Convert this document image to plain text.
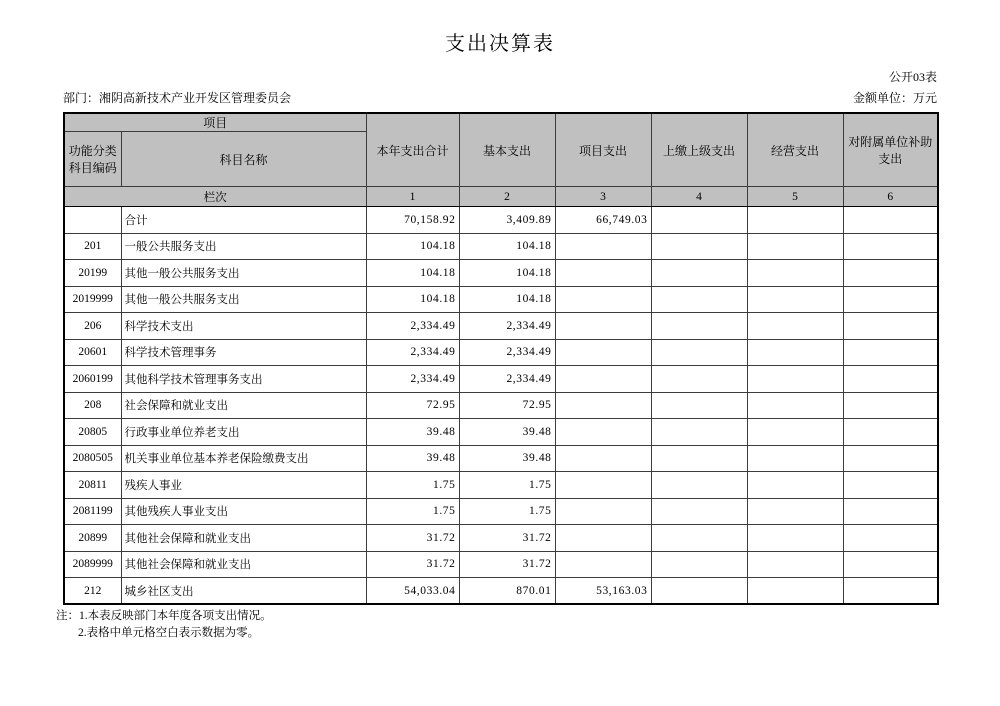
支出决算表
公开03表
部门：湘阴高新技术产业开发区管理委员会	金额单位：万元
项目		本年支出合计	基本支出	项目支出	上缴上级支出	经营支出	对附属单位补助支出
功能分类
科目编码	科目名称						
栏次		1	2	3	4	5	6
	合计	70,158.92	3,409.89	66,749.03			
201	一般公共服务支出	104.18	104.18				
20199	其他一般公共服务支出	104.18	104.18				
2019999	其他一般公共服务支出	104.18	104.18				
206	科学技术支出	2,334.49	2,334.49				
20601	科学技术管理事务	2,334.49	2,334.49				
2060199	其他科学技术管理事务支出	2,334.49	2,334.49				
208	社会保障和就业支出	72.95	72.95				
20805	行政事业单位养老支出	39.48	39.48				
2080505	机关事业单位基本养老保险缴费支出	39.48	39.48				
20811	残疾人事业	1.75	1.75				
2081199	其他残疾人事业支出	1.75	1.75				
20899	其他社会保障和就业支出	31.72	31.72				
2089999	其他社会保障和就业支出	31.72	31.72				
212	城乡社区支出	54,033.04	870.01	53,163.03			
注：1.本表反映部门本年度各项支出情况。
2.表格中单元格空白表示数据为零。
